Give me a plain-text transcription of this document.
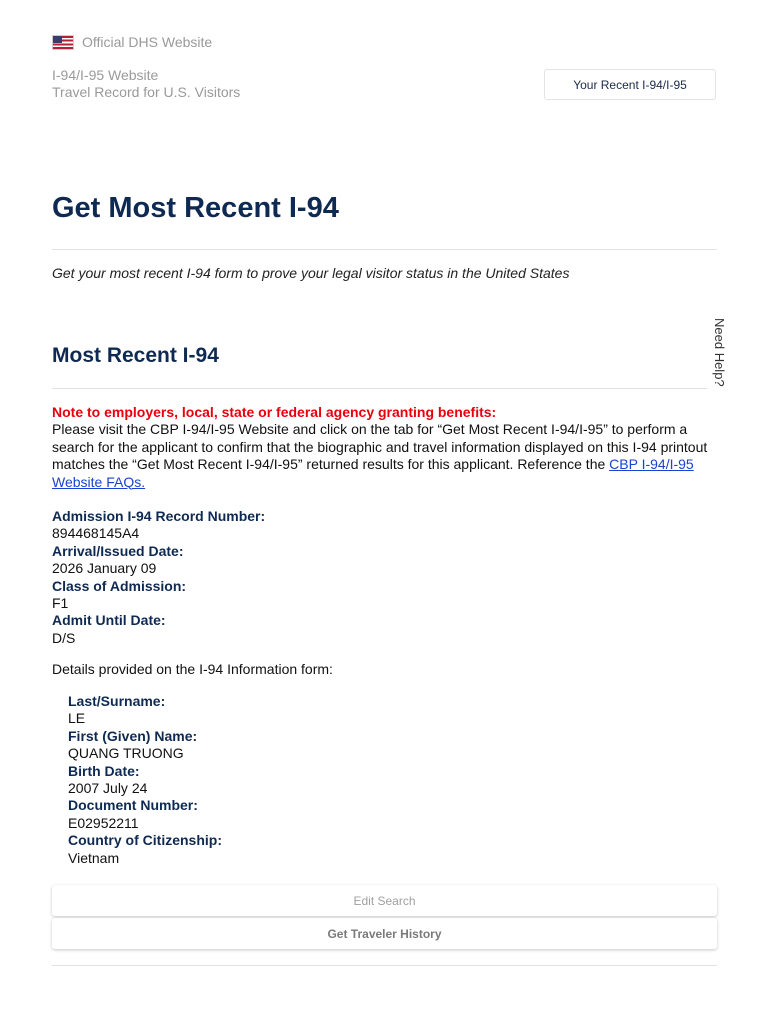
Official DHS Website
I-94/I-95 Website
Travel Record for U.S. Visitors	Your Recent I-94/I-95
Get Most Recent I-94
Get your most recent I-94 form to prove your legal visitor status in the United States
Most Recent I-94	Need Help?
Note to employers, local, state or federal agency granting benefits:
Please visit the CBP I-94/I-95 Website and click on the tab for “Get Most Recent I-94/I-95” to perform a search for the applicant to confirm that the biographic and travel information displayed on this I-94 printout matches the “Get Most Recent I-94/I-95” returned results for this applicant. Reference the CBP I-94/I-95 Website FAQs.
Admission I-94 Record Number:
894468145A4
Arrival/Issued Date:
2026 January 09
Class of Admission:
F1
Admit Until Date:
D/S
Details provided on the I-94 Information form:
Last/Surname:
LE
First (Given) Name:
QUANG TRUONG
Birth Date:
2007 July 24
Document Number:
E02952211
Country of Citizenship:
Vietnam
Edit Search
Get Traveler History
